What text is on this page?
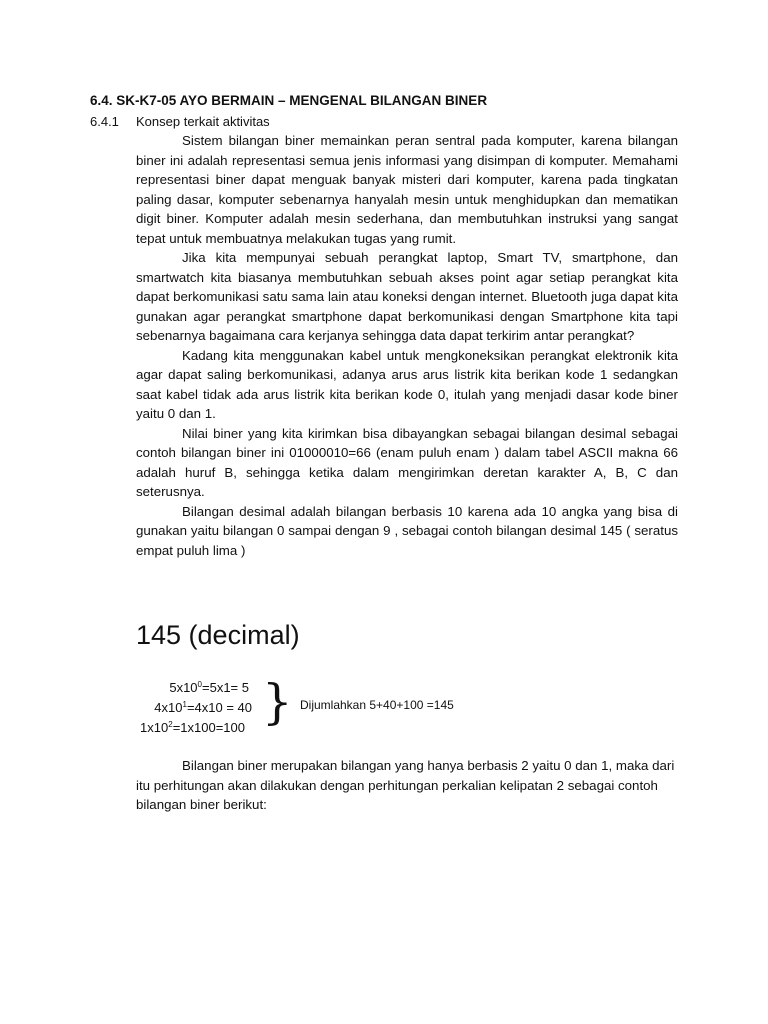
6.4. SK-K7-05 AYO BERMAIN – MENGENAL BILANGAN BINER
6.4.1 Konsep terkait aktivitas

Sistem bilangan biner memainkan peran sentral pada komputer, karena bilangan biner ini adalah representasi semua jenis informasi yang disimpan di komputer. Memahami representasi biner dapat menguak banyak misteri dari komputer, karena pada tingkatan paling dasar, komputer sebenarnya hanyalah mesin untuk menghidupkan dan mematikan digit biner. Komputer adalah mesin sederhana, dan membutuhkan instruksi yang sangat tepat untuk membuatnya melakukan tugas yang rumit.

Jika kita mempunyai sebuah perangkat laptop, Smart TV, smartphone, dan smartwatch kita biasanya membutuhkan sebuah akses point agar setiap perangkat kita dapat berkomunikasi satu sama lain atau koneksi dengan internet. Bluetooth juga dapat kita gunakan agar perangkat smartphone dapat berkomunikasi dengan Smartphone kita tapi sebenarnya bagaimana cara kerjanya sehingga data dapat terkirim antar perangkat?

Kadang kita menggunakan kabel untuk mengkoneksikan perangkat elektronik kita agar dapat saling berkomunikasi, adanya arus arus listrik kita berikan kode 1 sedangkan saat kabel tidak ada arus listrik kita berikan kode 0, itulah yang menjadi dasar kode biner yaitu 0 dan 1.

Nilai biner yang kita kirimkan bisa dibayangkan sebagai bilangan desimal sebagai contoh bilangan biner ini 01000010=66 (enam puluh enam ) dalam tabel ASCII makna 66 adalah huruf B, sehingga ketika dalam mengirimkan deretan karakter A, B, C dan seterusnya.

Bilangan desimal adalah bilangan berbasis 10 karena ada 10 angka yang bisa di gunakan yaitu bilangan 0 sampai dengan 9 , sebagai contoh bilangan desimal 145 ( seratus empat puluh lima )

145 (decimal)
$5x10^0=5x1= 5$
$4x10^1=4x10 = 40$
$1x10^2=1x100=100$ } Dijumlahkan 5+40+100 =145

Bilangan biner merupakan bilangan yang hanya berbasis 2 yaitu 0 dan 1, maka dari itu perhitungan akan dilakukan dengan perhitungan perkalian kelipatan 2 sebagai contoh bilangan biner berikut:
